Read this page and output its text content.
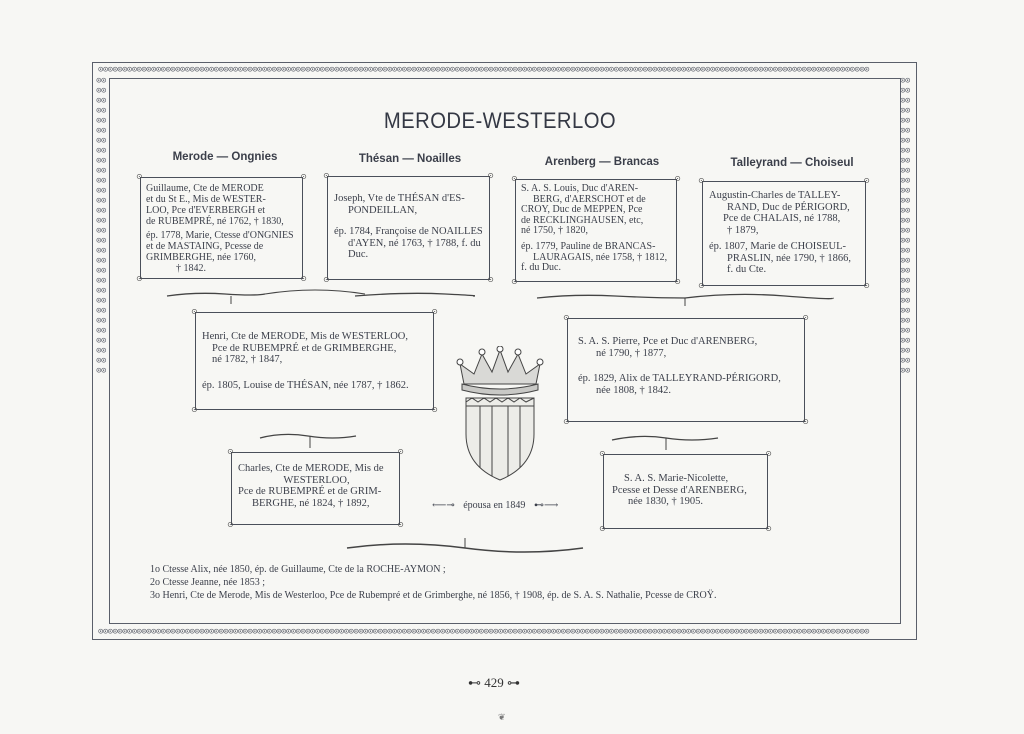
⊙⊙⊙⊙⊙⊙⊙⊙⊙⊙⊙⊙⊙⊙⊙⊙⊙⊙⊙⊙⊙⊙⊙⊙⊙⊙⊙⊙⊙⊙⊙⊙⊙⊙⊙⊙⊙⊙⊙⊙⊙⊙⊙⊙⊙⊙⊙⊙⊙⊙⊙⊙⊙⊙⊙⊙⊙⊙⊙⊙⊙⊙⊙⊙⊙⊙⊙⊙⊙⊙⊙⊙⊙⊙⊙⊙⊙⊙⊙⊙⊙⊙⊙⊙⊙⊙⊙⊙⊙⊙⊙⊙⊙⊙⊙⊙⊙⊙⊙⊙⊙⊙⊙⊙⊙⊙⊙⊙⊙⊙⊙⊙⊙⊙⊙⊙⊙⊙⊙⊙⊙⊙⊙⊙⊙⊙⊙⊙⊙⊙⊙⊙⊙⊙⊙⊙⊙⊙⊙⊙⊙⊙⊙⊙⊙⊙⊙⊙⊙⊙⊙⊙⊙⊙⊙⊙⊙⊙⊙⊙
⊙⊙⊙⊙⊙⊙⊙⊙⊙⊙⊙⊙⊙⊙⊙⊙⊙⊙⊙⊙⊙⊙⊙⊙⊙⊙⊙⊙⊙⊙⊙⊙⊙⊙⊙⊙⊙⊙⊙⊙⊙⊙⊙⊙⊙⊙⊙⊙⊙⊙⊙⊙⊙⊙⊙⊙⊙⊙⊙⊙⊙⊙⊙⊙⊙⊙⊙⊙⊙⊙⊙⊙⊙⊙⊙⊙⊙⊙⊙⊙⊙⊙⊙⊙⊙⊙⊙⊙⊙⊙⊙⊙⊙⊙⊙⊙⊙⊙⊙⊙⊙⊙⊙⊙⊙⊙⊙⊙⊙⊙⊙⊙⊙⊙⊙⊙⊙⊙⊙⊙⊙⊙⊙⊙⊙⊙⊙⊙⊙⊙⊙⊙⊙⊙⊙⊙⊙⊙⊙⊙⊙⊙⊙⊙⊙⊙⊙⊙⊙⊙⊙⊙⊙⊙⊙⊙⊙⊙⊙⊙
⊙⊙⊙⊙⊙⊙⊙⊙⊙⊙⊙⊙⊙⊙⊙⊙⊙⊙⊙⊙⊙⊙⊙⊙⊙⊙⊙⊙⊙⊙⊙⊙⊙⊙⊙⊙⊙⊙⊙⊙⊙⊙⊙⊙⊙⊙⊙⊙⊙⊙⊙⊙⊙⊙⊙⊙⊙⊙⊙⊙
⊙⊙⊙⊙⊙⊙⊙⊙⊙⊙⊙⊙⊙⊙⊙⊙⊙⊙⊙⊙⊙⊙⊙⊙⊙⊙⊙⊙⊙⊙⊙⊙⊙⊙⊙⊙⊙⊙⊙⊙⊙⊙⊙⊙⊙⊙⊙⊙⊙⊙⊙⊙⊙⊙⊙⊙⊙⊙⊙⊙
MERODE-WESTERLOO
Merode — Ongnies	Thésan — Noailles	Arenberg — Brancas	Talleyrand — Choiseul
⊙	⊙
⊙	⊙

Guillaume, Cte de MERODE

et du St E., Mis de WESTER-

LOO, Pce d'EVERBERGH et

de RUBEMPRÉ, né 1762, † 1830,

ép. 1778, Marie, Ctesse d'ONGNIES

et de MASTAING, Pcesse de

GRIMBERGHE, née 1760,

† 1842.

⊙	⊙
⊙	⊙

Joseph, Vte de THÉSAN d'ES-

PONDEILLAN,

ép. 1784, Françoise de NOAILLES

d'AYEN, né 1763, † 1788, f. du

Duc.

⊙	⊙
⊙	⊙

S. A. S. Louis, Duc d'AREN-

BERG, d'AERSCHOT et de

CROY, Duc de MEPPEN, Pce

de RECKLINGHAUSEN, etc,

né 1750, † 1820,

ép. 1779, Pauline de BRANCAS-

LAURAGAIS, née 1758, † 1812,

f. du Duc.

⊙	⊙
⊙	⊙

Augustin-Charles de TALLEY-

RAND, Duc de PÉRIGORD,

Pce de CHALAIS, né 1788,

† 1879,

ép. 1807, Marie de CHOISEUL-

PRASLIN, née 1790, † 1866,

f. du Cte.

⊙	⊙
⊙	⊙

Henri, Cte de MERODE, Mis de WESTERLOO,

Pce de RUBEMPRÉ et de GRIMBERGHE,

né 1782, † 1847,

ép. 1805, Louise de THÉSAN, née 1787, † 1862.

⊙	⊙
⊙	⊙

S. A. S. Pierre, Pce et Duc d'ARENBERG,

né 1790, † 1877,

ép. 1829, Alix de TALLEYRAND-PÉRIGORD,

née 1808, † 1842.

⊙	⊙
⊙	⊙

Charles, Cte de MERODE, Mis de

WESTERLOO,

Pce de RUBEMPRÉ et de GRIM-

BERGHE, né 1824, † 1892,	⟵⊸ épousa en 1849 ⊷⟶
⊙	⊙
⊙	⊙

S. A. S. Marie-Nicolette,

Pcesse et Desse d'ARENBERG,

née 1830, † 1905.

1o Ctesse Alix, née 1850, ép. de Guillaume, Cte de la ROCHE-AYMON ;

2o Ctesse Jeanne, née 1853 ;

3o Henri, Cte de Merode, Mis de Westerloo, Pce de Rubempré et de Grimberghe, né 1856, † 1908, ép. de S. A. S. Nathalie, Pcesse de CROŸ.

⊷ 429 ⊶
❦
